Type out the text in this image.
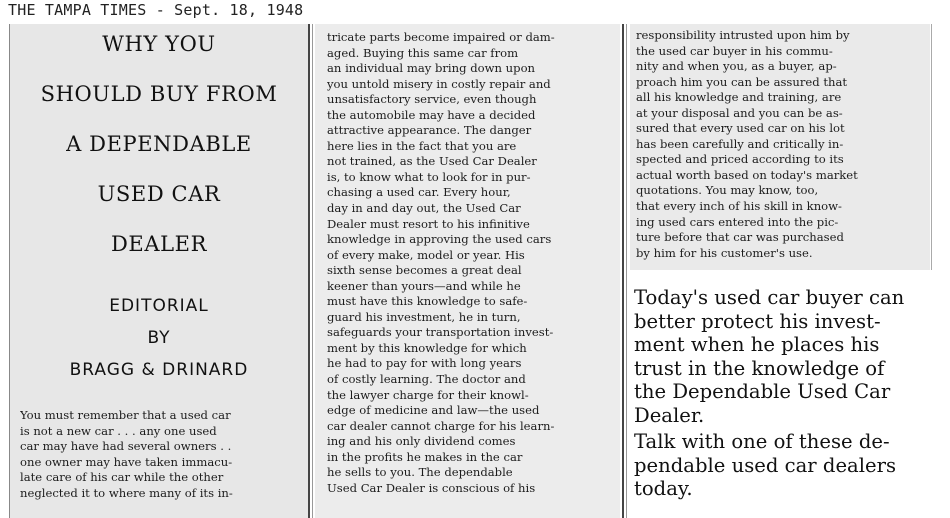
THE TAMPA TIMES - Sept. 18, 1948
WHY YOU
SHOULD BUY FROM
A DEPENDABLE
USED CAR
DEALER
EDITORIAL
BY
BRAGG & DRINARD
You must remember that a used car
is not a new car . . . any one used
car may have had several owners . .
one owner may have taken immacu-
late care of his car while the other
neglected it to where many of its in-
tricate parts become impaired or dam-
aged. Buying this same car from
an individual may bring down upon
you untold misery in costly repair and
unsatisfactory service, even though
the automobile may have a decided
attractive appearance. The danger
here lies in the fact that you are
not trained, as the Used Car Dealer
is, to know what to look for in pur-
chasing a used car. Every hour,
day in and day out, the Used Car
Dealer must resort to his infinitive
knowledge in approving the used cars
of every make, model or year. His
sixth sense becomes a great deal
keener than yours—and while he
must have this knowledge to safe-
guard his investment, he in turn,
safeguards your transportation invest-
ment by this knowledge for which
he had to pay for with long years
of costly learning. The doctor and
the lawyer charge for their knowl-
edge of medicine and law—the used
car dealer cannot charge for his learn-
ing and his only dividend comes
in the profits he makes in the car
he sells to you. The dependable
Used Car Dealer is conscious of his
responsibility intrusted upon him by
the used car buyer in his commu-
nity and when you, as a buyer, ap-
proach him you can be assured that
all his knowledge and training, are
at your disposal and you can be as-
sured that every used car on his lot
has been carefully and critically in-
spected and priced according to its
actual worth based on today's market
quotations. You may know, too,
that every inch of his skill in know-
ing used cars entered into the pic-
ture before that car was purchased
by him for his customer's use.
Today's used car buyer can
better protect his invest-
ment when he places his
trust in the knowledge of
the Dependable Used Car
Dealer.
Talk with one of these de-
pendable used car dealers
today.
